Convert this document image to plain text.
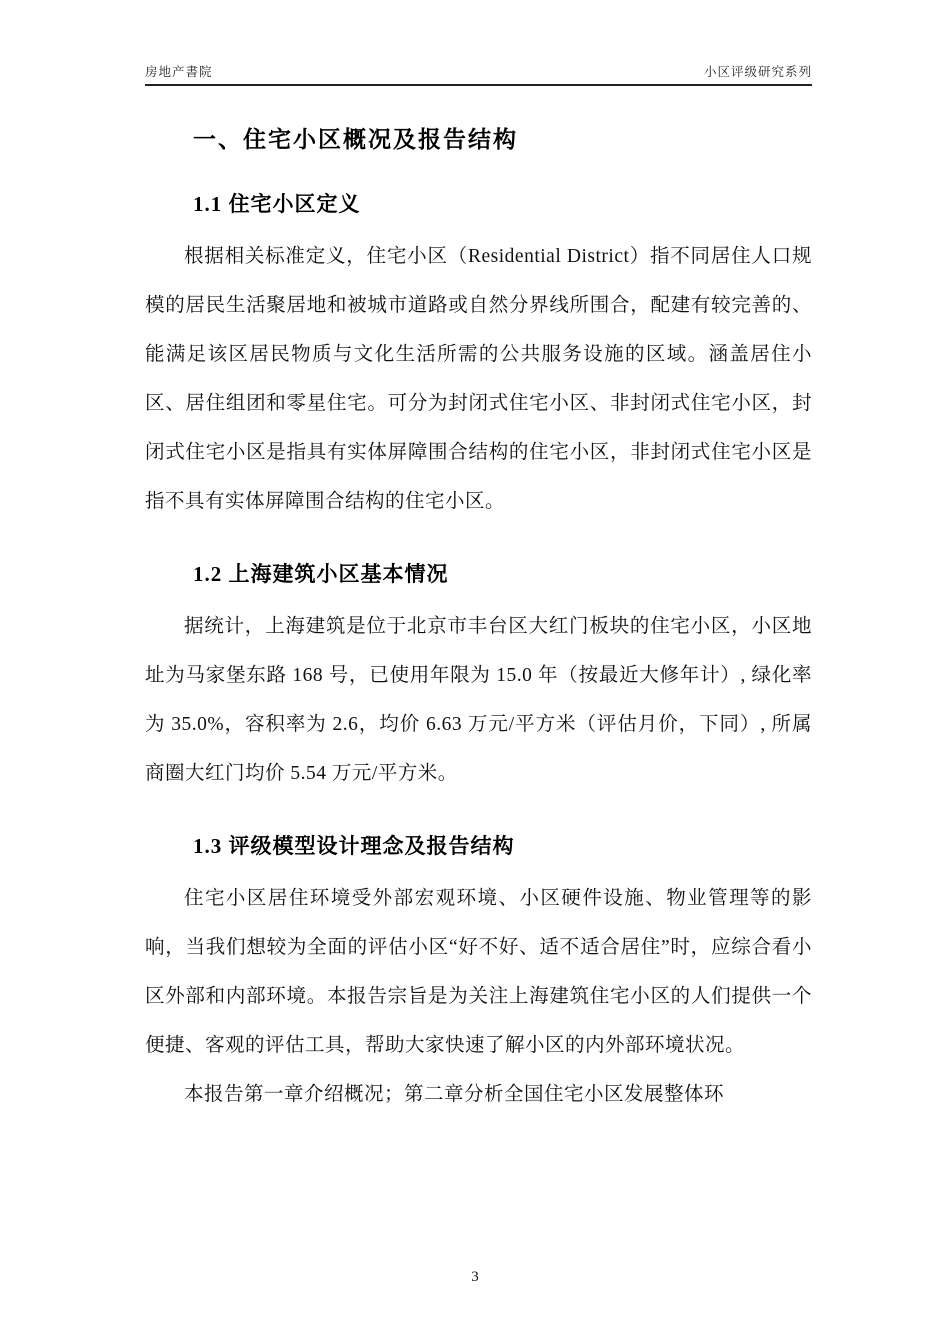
房地产書院	小区评级研究系列
一、住宅小区概况及报告结构
1.1 住宅小区定义

根据相关标准定义，住宅小区（Residential District）指不同居住人口规模的居民生活聚居地和被城市道路或自然分界线所围合，配建有较完善的、能满足该区居民物质与文化生活所需的公共服务设施的区域。涵盖居住小区、居住组团和零星住宅。可分为封闭式住宅小区、非封闭式住宅小区，封闭式住宅小区是指具有实体屏障围合结构的住宅小区，非封闭式住宅小区是指不具有实体屏障围合结构的住宅小区。

1.2 上海建筑小区基本情况

据统计，上海建筑是位于北京市丰台区大红门板块的住宅小区，小区地址为马家堡东路 168 号，已使用年限为 15.0 年（按最近大修年计）, 绿化率为 35.0%，容积率为 2.6，均价 6.63 万元/平方米（评估月价，下同）, 所属商圈大红门均价 5.54 万元/平方米。

1.3 评级模型设计理念及报告结构

住宅小区居住环境受外部宏观环境、小区硬件设施、物业管理等的影响，当我们想较为全面的评估小区“好不好、适不适合居住”时，应综合看小区外部和内部环境。本报告宗旨是为关注上海建筑住宅小区的人们提供一个便捷、客观的评估工具，帮助大家快速了解小区的内外部环境状况。

本报告第一章介绍概况；第二章分析全国住宅小区发展整体环

3
